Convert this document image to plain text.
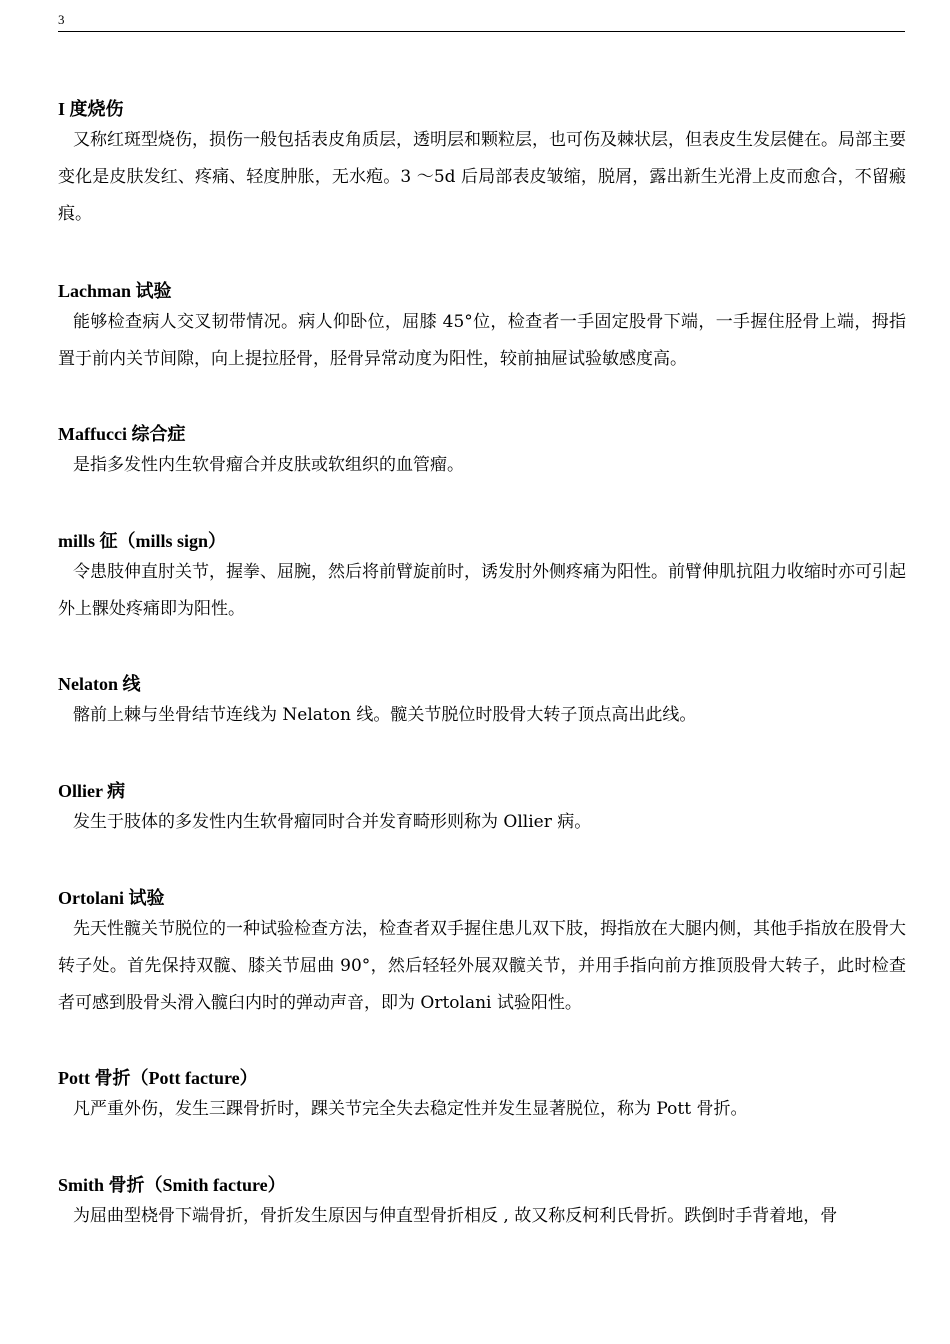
3
I 度烧伤

又称红斑型烧伤，损伤一般包括表皮角质层，透明层和颗粒层，也可伤及棘状层，但表皮生发层健在。局部主要变化是皮肤发红、疼痛、轻度肿胀，无水疱。3 ～5d 后局部表皮皱缩，脱屑，露出新生光滑上皮而愈合，不留瘢痕。

Lachman 试验

能够检查病人交叉韧带情况。病人仰卧位，屈膝 45°位，检查者一手固定股骨下端，一手握住胫骨上端，拇指置于前内关节间隙，向上提拉胫骨，胫骨异常动度为阳性，较前抽屉试验敏感度高。

Maffucci 综合症

是指多发性内生软骨瘤合并皮肤或软组织的血管瘤。

mills 征（mills sign）

令患肢伸直肘关节，握拳、屈腕，然后将前臂旋前时，诱发肘外侧疼痛为阳性。前臂伸肌抗阻力收缩时亦可引起外上髁处疼痛即为阳性。

Nelaton 线

髂前上棘与坐骨结节连线为 Nelaton 线。髋关节脱位时股骨大转子顶点高出此线。

Ollier 病

发生于肢体的多发性内生软骨瘤同时合并发育畸形则称为 Ollier 病。

Ortolani 试验

先天性髋关节脱位的一种试验检查方法，检查者双手握住患儿双下肢，拇指放在大腿内侧，其他手指放在股骨大转子处。首先保持双髋、膝关节屈曲 90°，然后轻轻外展双髋关节，并用手指向前方推顶股骨大转子，此时检查者可感到股骨头滑入髋臼内时的弹动声音，即为 Ortolani 试验阳性。

Pott 骨折（Pott facture）

凡严重外伤，发生三踝骨折时，踝关节完全失去稳定性并发生显著脱位，称为 Pott 骨折。

Smith 骨折（Smith facture）

为屈曲型桡骨下端骨折，骨折发生原因与伸直型骨折相反 , 故又称反柯利氏骨折。跌倒时手背着地，骨
